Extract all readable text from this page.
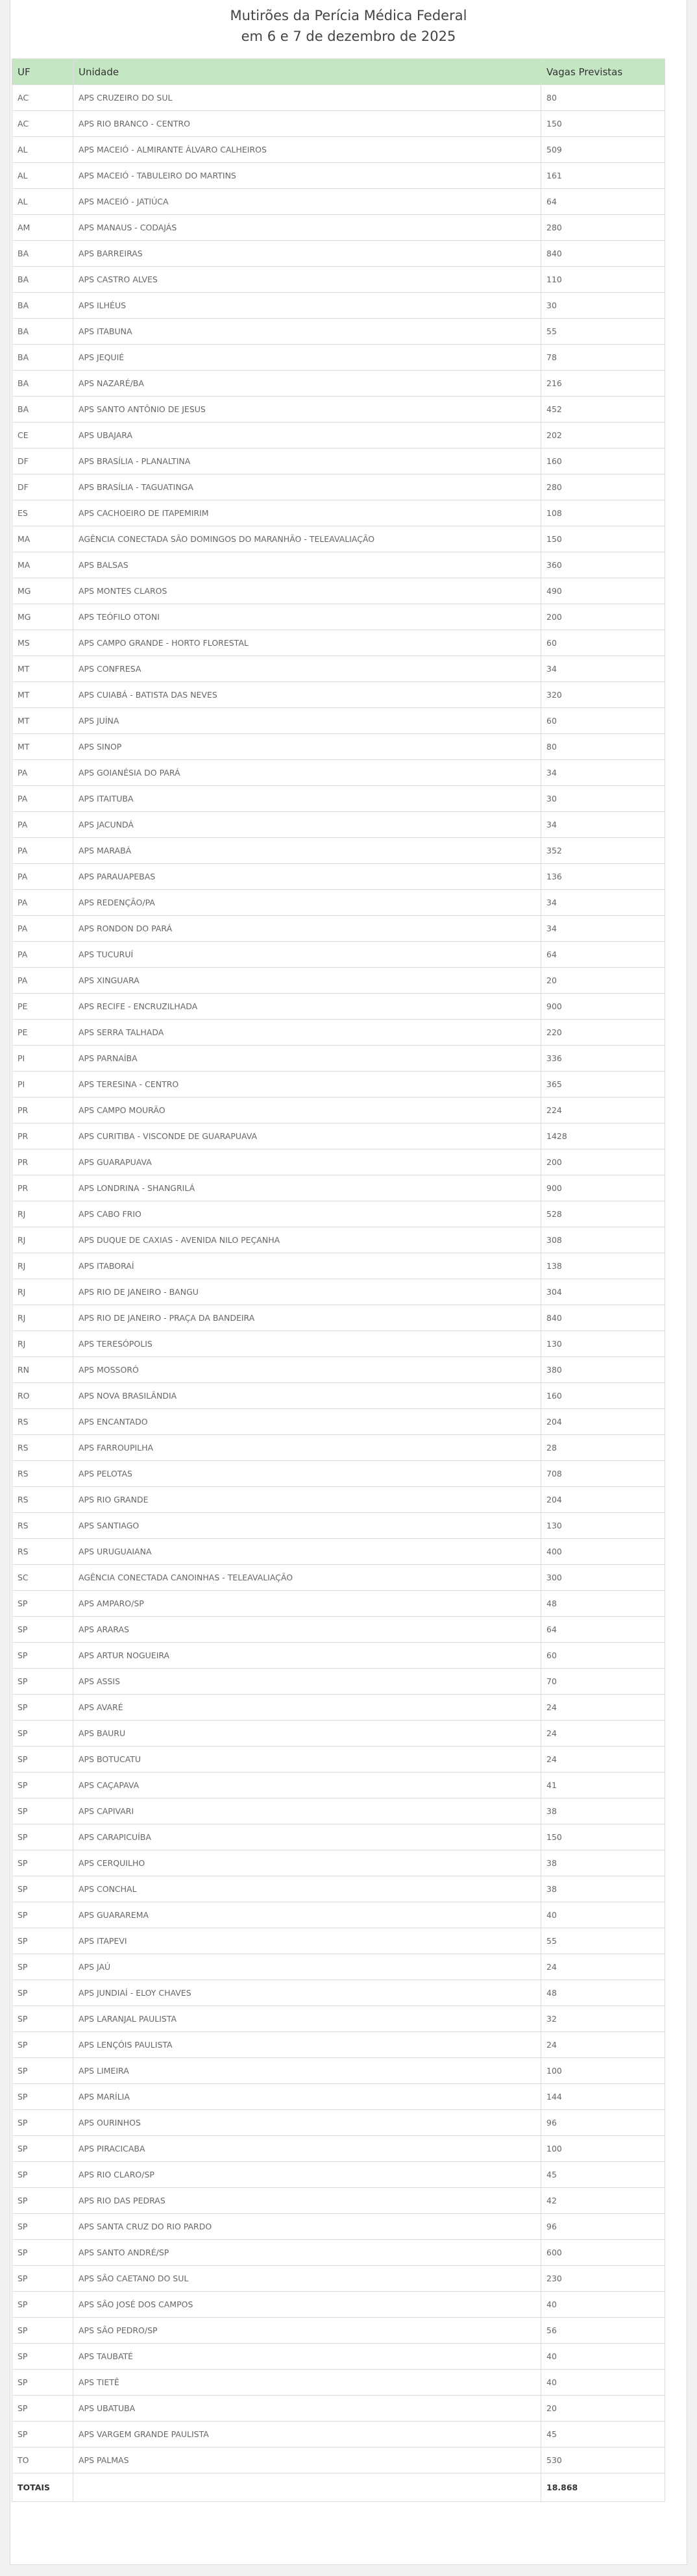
Mutirões da Perícia Médica Federal
em 6 e 7 de dezembro de 2025
UF	Unidade	Vagas Previstas
AC	APS CRUZEIRO DO SUL	80
AC	APS RIO BRANCO - CENTRO	150
AL	APS MACEIÓ - ALMIRANTE ÁLVARO CALHEIROS	509
AL	APS MACEIÓ - TABULEIRO DO MARTINS	161
AL	APS MACEIÓ - JATIÚCA	64
AM	APS MANAUS - CODAJÁS	280
BA	APS BARREIRAS	840
BA	APS CASTRO ALVES	110
BA	APS ILHÉUS	30
BA	APS ITABUNA	55
BA	APS JEQUIÉ	78
BA	APS NAZARÉ/BA	216
BA	APS SANTO ANTÔNIO DE JESUS	452
CE	APS UBAJARA	202
DF	APS BRASÍLIA - PLANALTINA	160
DF	APS BRASÍLIA - TAGUATINGA	280
ES	APS CACHOEIRO DE ITAPEMIRIM	108
MA	AGÊNCIA CONECTADA SÃO DOMINGOS DO MARANHÃO - TELEAVALIAÇÃO	150
MA	APS BALSAS	360
MG	APS MONTES CLAROS	490
MG	APS TEÓFILO OTONI	200
MS	APS CAMPO GRANDE - HORTO FLORESTAL	60
MT	APS CONFRESA	34
MT	APS CUIABÁ - BATISTA DAS NEVES	320
MT	APS JUÍNA	60
MT	APS SINOP	80
PA	APS GOIANÉSIA DO PARÁ	34
PA	APS ITAITUBA	30
PA	APS JACUNDÁ	34
PA	APS MARABÁ	352
PA	APS PARAUAPEBAS	136
PA	APS REDENÇÃO/PA	34
PA	APS RONDON DO PARÁ	34
PA	APS TUCURUÍ	64
PA	APS XINGUARA	20
PE	APS RECIFE - ENCRUZILHADA	900
PE	APS SERRA TALHADA	220
PI	APS PARNAÍBA	336
PI	APS TERESINA - CENTRO	365
PR	APS CAMPO MOURÃO	224
PR	APS CURITIBA - VISCONDE DE GUARAPUAVA	1428
PR	APS GUARAPUAVA	200
PR	APS LONDRINA - SHANGRILÁ	900
RJ	APS CABO FRIO	528
RJ	APS DUQUE DE CAXIAS - AVENIDA NILO PEÇANHA	308
RJ	APS ITABORAÍ	138
RJ	APS RIO DE JANEIRO - BANGU	304
RJ	APS RIO DE JANEIRO - PRAÇA DA BANDEIRA	840
RJ	APS TERESÓPOLIS	130
RN	APS MOSSORÓ	380
RO	APS NOVA BRASILÂNDIA	160
RS	APS ENCANTADO	204
RS	APS FARROUPILHA	28
RS	APS PELOTAS	708
RS	APS RIO GRANDE	204
RS	APS SANTIAGO	130
RS	APS URUGUAIANA	400
SC	AGÊNCIA CONECTADA CANOINHAS - TELEAVALIAÇÃO	300
SP	APS AMPARO/SP	48
SP	APS ARARAS	64
SP	APS ARTUR NOGUEIRA	60
SP	APS ASSIS	70
SP	APS AVARÉ	24
SP	APS BAURU	24
SP	APS BOTUCATU	24
SP	APS CAÇAPAVA	41
SP	APS CAPIVARI	38
SP	APS CARAPICUÍBA	150
SP	APS CERQUILHO	38
SP	APS CONCHAL	38
SP	APS GUARAREMA	40
SP	APS ITAPEVI	55
SP	APS JAÚ	24
SP	APS JUNDIAÍ - ELOY CHAVES	48
SP	APS LARANJAL PAULISTA	32
SP	APS LENÇÓIS PAULISTA	24
SP	APS LIMEIRA	100
SP	APS MARÍLIA	144
SP	APS OURINHOS	96
SP	APS PIRACICABA	100
SP	APS RIO CLARO/SP	45
SP	APS RIO DAS PEDRAS	42
SP	APS SANTA CRUZ DO RIO PARDO	96
SP	APS SANTO ANDRÉ/SP	600
SP	APS SÃO CAETANO DO SUL	230
SP	APS SÃO JOSÉ DOS CAMPOS	40
SP	APS SÃO PEDRO/SP	56
SP	APS TAUBATÉ	40
SP	APS TIETÊ	40
SP	APS UBATUBA	20
SP	APS VARGEM GRANDE PAULISTA	45
TO	APS PALMAS	530
TOTAIS		18.868
